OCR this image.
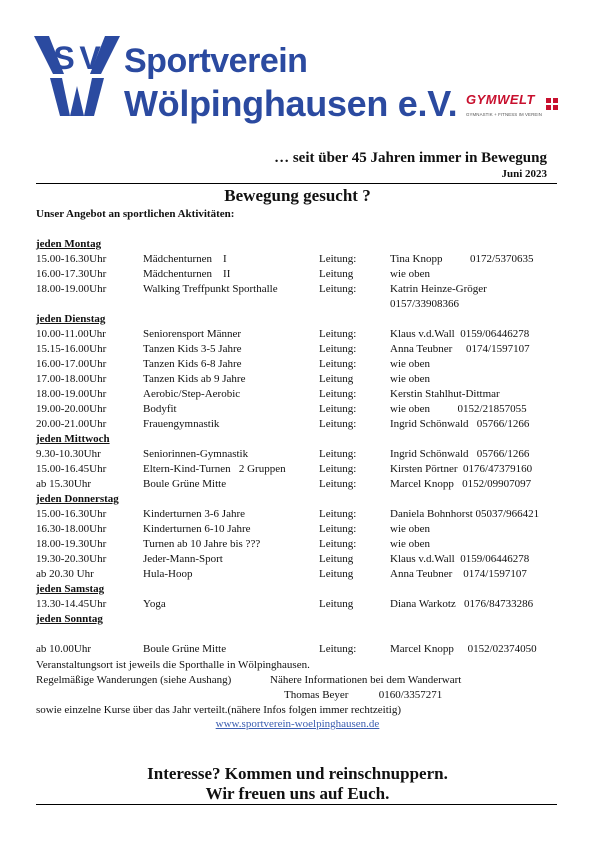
S V
W
Sportverein
Wölpinghausen e.V. GYMWELT
GYMNASTIK + FITNESS IM VEREIN
… seit über 45 Jahren immer in Bewegung
Juni 2023
Bewegung gesucht ?
Unser Angebot an sportlichen Aktivitäten:
jeden Montag
15.00-16.30Uhr	Mädchenturnen    I	Leitung:	Tina Knopp          0172/5370635
16.00-17.30Uhr	Mädchenturnen    II	Leitung	wie oben
18.00-19.00Uhr	Walking Treffpunkt Sporthalle	Leitung:	Katrin Heinze-Gröger
0157/33908366
jeden Dienstag
10.00-11.00Uhr	Seniorensport Männer	Leitung:	Klaus v.d.Wall  0159/06446278
15.15-16.00Uhr	Tanzen Kids 3-5 Jahre	Leitung:	Anna Teubner     0174/1597107
16.00-17.00Uhr	Tanzen Kids 6-8 Jahre	Leitung:	wie oben
17.00-18.00Uhr	Tanzen Kids ab 9 Jahre	Leitung	wie oben
18.00-19.00Uhr	Aerobic/Step-Aerobic	Leitung:	Kerstin Stahlhut-Dittmar
19.00-20.00Uhr	Bodyfit	Leitung:	wie oben          0152/21857055
20.00-21.00Uhr	Frauengymnastik	Leitung:	Ingrid Schönwald   05766/1266
jeden Mittwoch
9.30-10.30Uhr	Seniorinnen-Gymnastik	Leitung:	Ingrid Schönwald   05766/1266
15.00-16.45Uhr	Eltern-Kind-Turnen   2 Gruppen	Leitung:	Kirsten Pörtner  0176/47379160
ab 15.30Uhr	Boule Grüne Mitte	Leitung:	Marcel Knopp   0152/09907097
jeden Donnerstag
15.00-16.30Uhr	Kinderturnen 3-6 Jahre	Leitung:	Daniela Bohnhorst 05037/966421
16.30-18.00Uhr	Kinderturnen 6-10 Jahre	Leitung:	wie oben
18.00-19.30Uhr	Turnen ab 10 Jahre bis ???	Leitung:	wie oben
19.30-20.30Uhr	Jeder-Mann-Sport	Leitung	Klaus v.d.Wall  0159/06446278
ab 20.30 Uhr	Hula-Hoop	Leitung	Anna Teubner    0174/1597107
jeden Samstag
13.30-14.45Uhr	Yoga	Leitung	Diana Warkotz   0176/84733286
jeden Sonntag
ab 10.00Uhr	Boule Grüne Mitte	Leitung:	Marcel Knopp     0152/02374050
Veranstaltungsort ist jeweils die Sporthalle in Wölpinghausen.
Regelmäßige Wanderungen (siehe Aushang)	Nähere Informationen bei dem Wanderwart
Thomas Beyer           0160/3357271
sowie einzelne Kurse über das Jahr verteilt.(nähere Infos folgen immer rechtzeitig)
www.sportverein-woelpinghausen.de
Interesse? Kommen und reinschnuppern.
Wir freuen uns auf Euch.
